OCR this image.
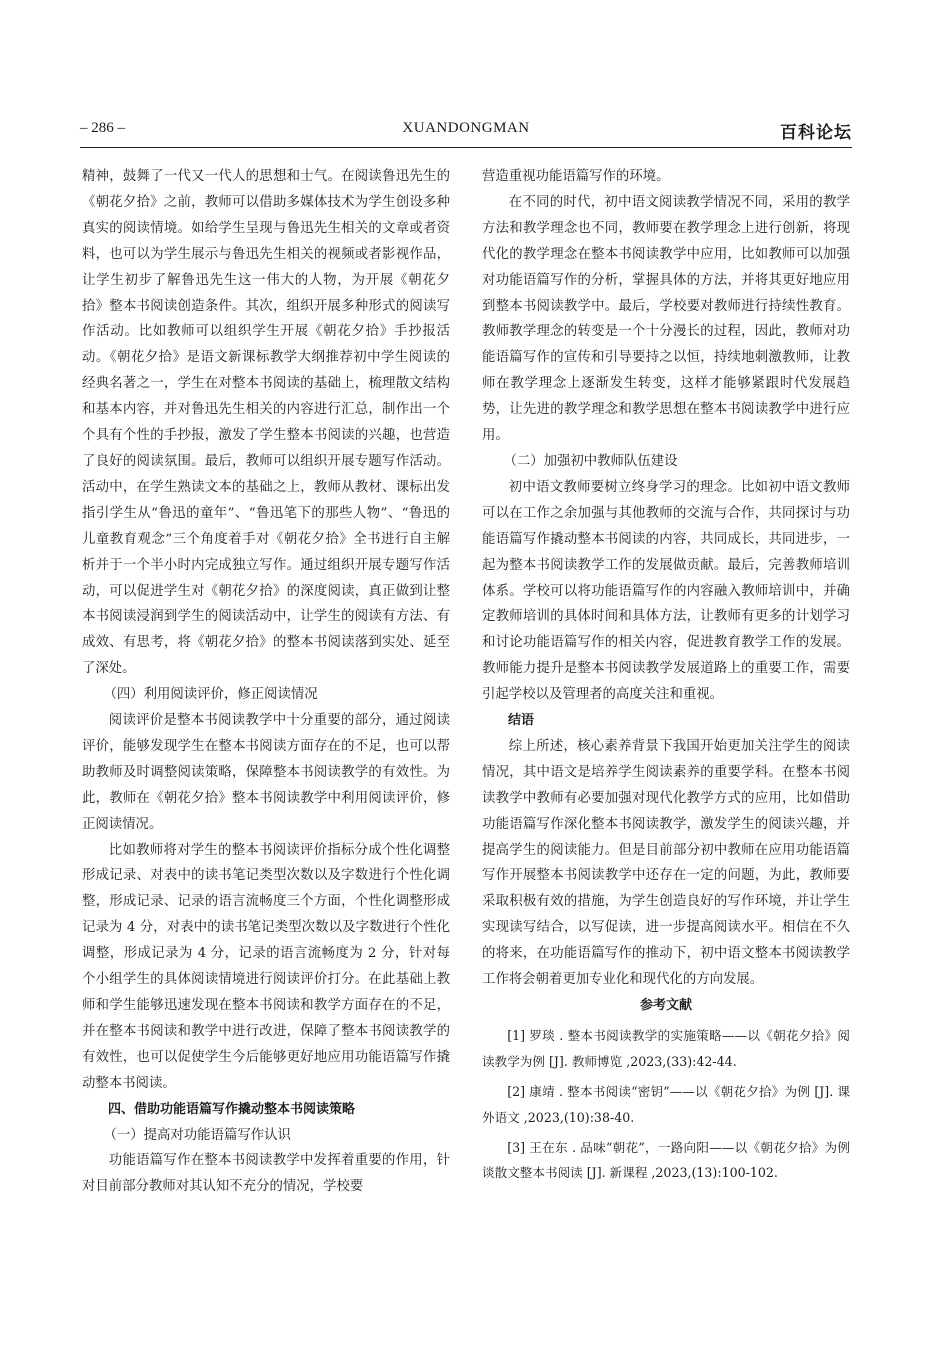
– 286 –	XUANDONGMAN	百科论坛

精神，鼓舞了一代又一代人的思想和士气。在阅读鲁迅先生的《朝花夕拾》之前，教师可以借助多媒体技术为学生创设多种真实的阅读情境。如给学生呈现与鲁迅先生相关的文章或者资料，也可以为学生展示与鲁迅先生相关的视频或者影视作品，让学生初步了解鲁迅先生这一伟大的人物，为开展《朝花夕拾》整本书阅读创造条件。其次，组织开展多种形式的阅读写作活动。比如教师可以组织学生开展《朝花夕拾》手抄报活动。《朝花夕拾》是语文新课标教学大纲推荐初中学生阅读的经典名著之一，学生在对整本书阅读的基础上，梳理散文结构和基本内容，并对鲁迅先生相关的内容进行汇总，制作出一个个具有个性的手抄报，激发了学生整本书阅读的兴趣，也营造了良好的阅读氛围。最后，教师可以组织开展专题写作活动。活动中，在学生熟读文本的基础之上，教师从教材、课标出发指引学生从“鲁迅的童年”、“鲁迅笔下的那些人物”、“鲁迅的儿童教育观念”三个角度着手对《朝花夕拾》全书进行自主解析并于一个半小时内完成独立写作。通过组织开展专题写作活动，可以促进学生对《朝花夕拾》的深度阅读，真正做到让整本书阅读浸润到学生的阅读活动中，让学生的阅读有方法、有成效、有思考，将《朝花夕拾》的整本书阅读落到实处、延至了深处。

（四）利用阅读评价，修正阅读情况

阅读评价是整本书阅读教学中十分重要的部分，通过阅读评价，能够发现学生在整本书阅读方面存在的不足，也可以帮助教师及时调整阅读策略，保障整本书阅读教学的有效性。为此，教师在《朝花夕拾》整本书阅读教学中利用阅读评价，修正阅读情况。

比如教师将对学生的整本书阅读评价指标分成个性化调整形成记录、对表中的读书笔记类型次数以及字数进行个性化调整，形成记录、记录的语言流畅度三个方面，个性化调整形成记录为 4 分，对表中的读书笔记类型次数以及字数进行个性化调整，形成记录为 4 分，记录的语言流畅度为 2 分，针对每个小组学生的具体阅读情境进行阅读评价打分。在此基础上教师和学生能够迅速发现在整本书阅读和教学方面存在的不足，并在整本书阅读和教学中进行改进，保障了整本书阅读教学的有效性，也可以促使学生今后能够更好地应用功能语篇写作撬动整本书阅读。

四、借助功能语篇写作撬动整本书阅读策略

（一）提高对功能语篇写作认识

功能语篇写作在整本书阅读教学中发挥着重要的作用，针对目前部分教师对其认知不充分的情况，学校要

营造重视功能语篇写作的环境。

在不同的时代，初中语文阅读教学情况不同，采用的教学方法和教学理念也不同，教师要在教学理念上进行创新，将现代化的教学理念在整本书阅读教学中应用，比如教师可以加强对功能语篇写作的分析，掌握具体的方法，并将其更好地应用到整本书阅读教学中。最后，学校要对教师进行持续性教育。教师教学理念的转变是一个十分漫长的过程，因此，教师对功能语篇写作的宣传和引导要持之以恒，持续地刺激教师，让教师在教学理念上逐渐发生转变，这样才能够紧跟时代发展趋势，让先进的教学理念和教学思想在整本书阅读教学中进行应用。

（二）加强初中教师队伍建设

初中语文教师要树立终身学习的理念。比如初中语文教师可以在工作之余加强与其他教师的交流与合作，共同探讨与功能语篇写作撬动整本书阅读的内容，共同成长，共同进步，一起为整本书阅读教学工作的发展做贡献。最后，完善教师培训体系。学校可以将功能语篇写作的内容融入教师培训中，并确定教师培训的具体时间和具体方法，让教师有更多的计划学习和讨论功能语篇写作的相关内容，促进教育教学工作的发展。教师能力提升是整本书阅读教学发展道路上的重要工作，需要引起学校以及管理者的高度关注和重视。

结语

综上所述，核心素养背景下我国开始更加关注学生的阅读情况，其中语文是培养学生阅读素养的重要学科。在整本书阅读教学中教师有必要加强对现代化教学方式的应用，比如借助功能语篇写作深化整本书阅读教学，激发学生的阅读兴趣，并提高学生的阅读能力。但是目前部分初中教师在应用功能语篇写作开展整本书阅读教学中还存在一定的问题，为此，教师要采取积极有效的措施，为学生创造良好的写作环境，并让学生实现读写结合，以写促读，进一步提高阅读水平。相信在不久的将来，在功能语篇写作的推动下，初中语文整本书阅读教学工作将会朝着更加专业化和现代化的方向发展。

参考文献

[1] 罗琰 . 整本书阅读教学的实施策略——以《朝花夕拾》阅读教学为例 [J]. 教师博览 ,2023,(33):42-44.

[2] 康靖 . 整本书阅读“密钥”——以《朝花夕拾》为例 [J]. 课外语文 ,2023,(10):38-40.

[3] 王在东 . 品味“朝花”，一路向阳——以《朝花夕拾》为例谈散文整本书阅读 [J]. 新课程 ,2023,(13):100-102.
